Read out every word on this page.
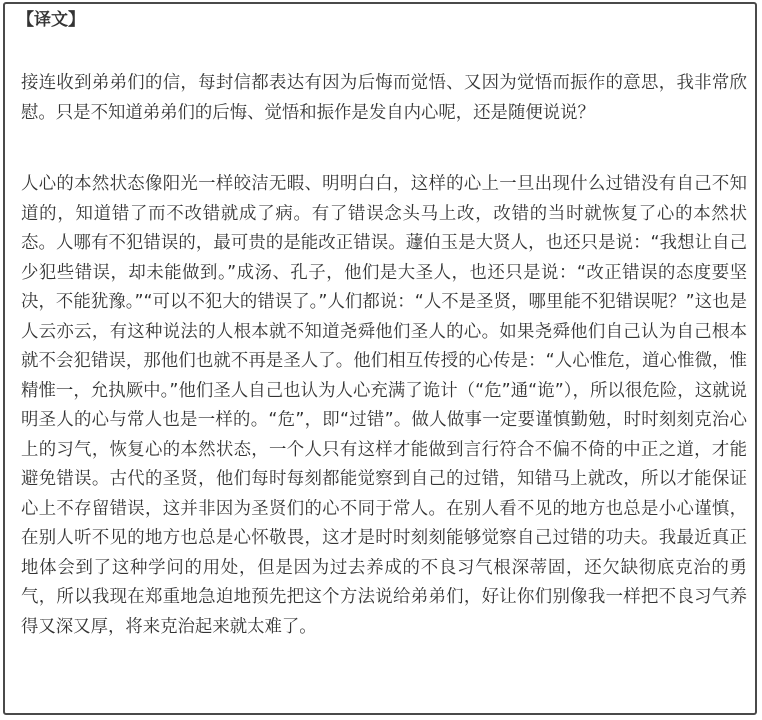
【译文】

接连收到弟弟们的信，每封信都表达有因为后悔而觉悟、又因为觉悟而振作的意思，我非常欣慰。只是不知道弟弟们的后悔、觉悟和振作是发自内心呢，还是随便说说？

人心的本然状态像阳光一样皎洁无暇、明明白白，这样的心上一旦出现什么过错没有自己不知道的，知道错了而不改错就成了病。有了错误念头马上改，改错的当时就恢复了心的本然状态。人哪有不犯错误的，最可贵的是能改正错误。蘧伯玉是大贤人，也还只是说：“我想让自己少犯些错误，却未能做到。”成汤、孔子，他们是大圣人，也还只是说：“改正错误的态度要坚决，不能犹豫。”“可以不犯大的错误了。”人们都说：“人不是圣贤，哪里能不犯错误呢？”这也是人云亦云，有这种说法的人根本就不知道尧舜他们圣人的心。如果尧舜他们自己认为自己根本就不会犯错误，那他们也就不再是圣人了。他们相互传授的心传是：“人心惟危，道心惟微，惟精惟一，允执厥中。”他们圣人自己也认为人心充满了诡计（“危”通“诡”），所以很危险，这就说明圣人的心与常人也是一样的。“危”，即“过错”。做人做事一定要谨慎勤勉，时时刻刻克治心上的习气，恢复心的本然状态，一个人只有这样才能做到言行符合不偏不倚的中正之道，才能避免错误。古代的圣贤，他们每时每刻都能觉察到自己的过错，知错马上就改，所以才能保证心上不存留错误，这并非因为圣贤们的心不同于常人。在别人看不见的地方也总是小心谨慎，在别人听不见的地方也总是心怀敬畏，这才是时时刻刻能够觉察自己过错的功夫。我最近真正地体会到了这种学问的用处，但是因为过去养成的不良习气根深蒂固，还欠缺彻底克治的勇气，所以我现在郑重地急迫地预先把这个方法说给弟弟们，好让你们别像我一样把不良习气养得又深又厚，将来克治起来就太难了。
